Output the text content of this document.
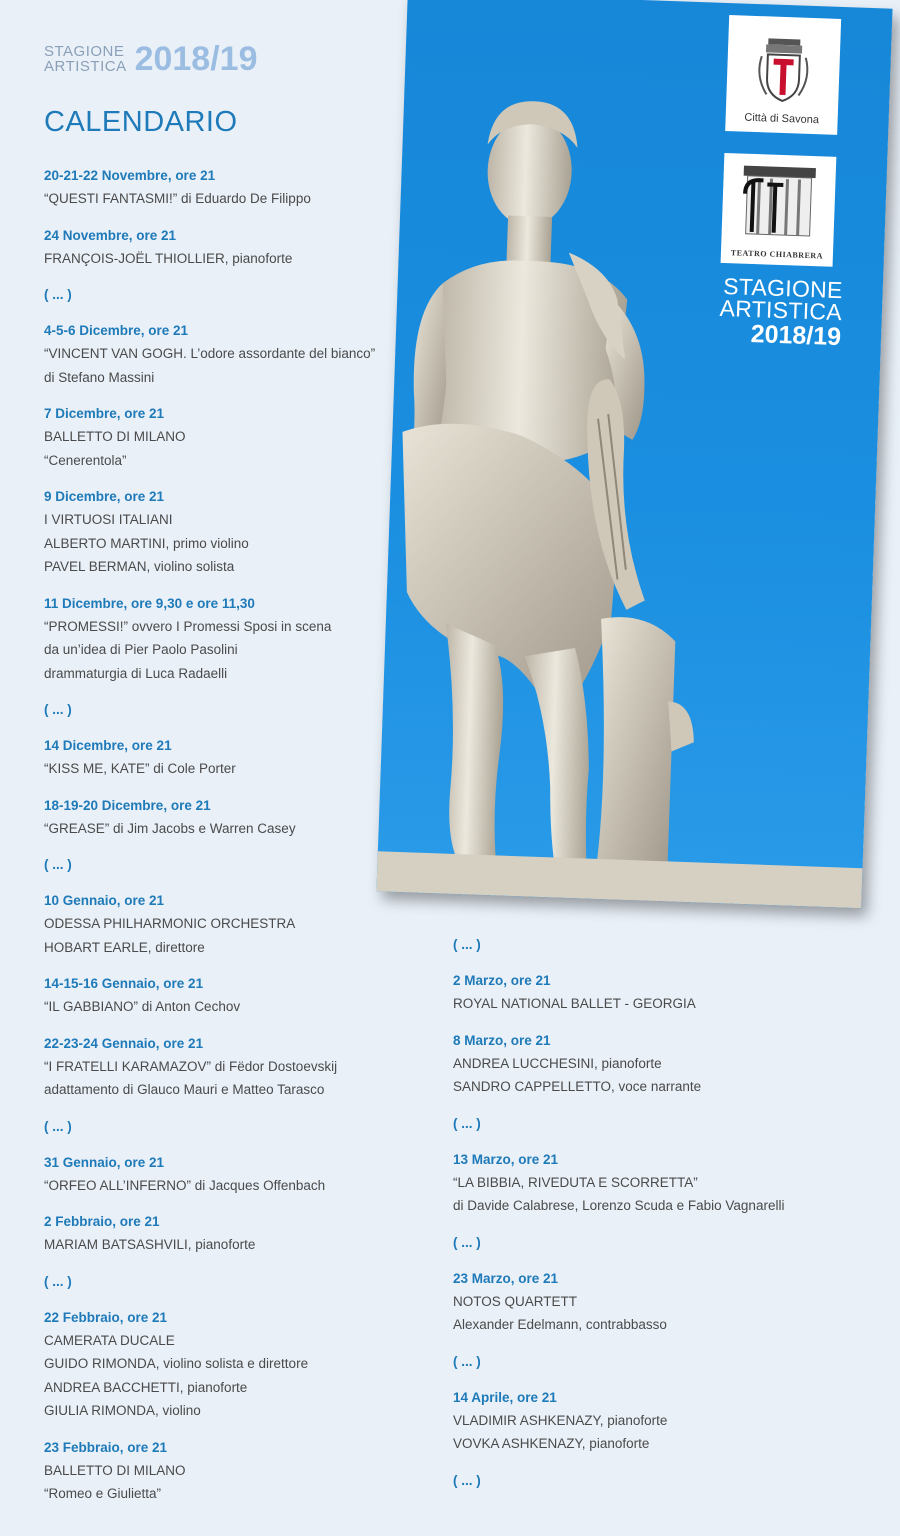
STAGIONE
ARTISTICA 2018/19
CALENDARIO	Città di Savona
TEATRO CHIABRERA
STAGIONE
ARTISTICA
2018/19
20-21-22 Novembre, ore 21
“QUESTI FANTASMI!” di Eduardo De Filippo
24 Novembre, ore 21
FRANÇOIS-JOËL THIOLLIER, pianoforte
( ... )
4-5-6 Dicembre, ore 21
“VINCENT VAN GOGH. L’odore assordante del bianco”
di Stefano Massini
7 Dicembre, ore 21
BALLETTO DI MILANO
“Cenerentola”
9 Dicembre, ore 21
I VIRTUOSI ITALIANI
ALBERTO MARTINI, primo violino
PAVEL BERMAN, violino solista
11 Dicembre, ore 9,30 e ore 11,30
“PROMESSI!” ovvero I Promessi Sposi in scena
da un’idea di Pier Paolo Pasolini
drammaturgia di Luca Radaelli
( ... )
14 Dicembre, ore 21
“KISS ME, KATE” di Cole Porter
18-19-20 Dicembre, ore 21
“GREASE” di Jim Jacobs e Warren Casey
( ... )
10 Gennaio, ore 21
ODESSA PHILHARMONIC ORCHESTRA
HOBART EARLE, direttore
14-15-16 Gennaio, ore 21
“IL GABBIANO” di Anton Cechov
22-23-24 Gennaio, ore 21
“I FRATELLI KARAMAZOV” di Fëdor Dostoevskij
adattamento di Glauco Mauri e Matteo Tarasco
( ... )
31 Gennaio, ore 21
“ORFEO ALL’INFERNO” di Jacques Offenbach
2 Febbraio, ore 21
MARIAM BATSASHVILI, pianoforte
( ... )
22 Febbraio, ore 21
CAMERATA DUCALE
GUIDO RIMONDA, violino solista e direttore
ANDREA BACCHETTI, pianoforte
GIULIA RIMONDA, violino
23 Febbraio, ore 21
BALLETTO DI MILANO
“Romeo e Giulietta”
( ... )
2 Marzo, ore 21
ROYAL NATIONAL BALLET - GEORGIA
8 Marzo, ore 21
ANDREA LUCCHESINI, pianoforte
SANDRO CAPPELLETTO, voce narrante
( ... )
13 Marzo, ore 21
“LA BIBBIA, RIVEDUTA E SCORRETTA”
di Davide Calabrese, Lorenzo Scuda e Fabio Vagnarelli
( ... )
23 Marzo, ore 21
NOTOS QUARTETT
Alexander Edelmann, contrabbasso
( ... )
14 Aprile, ore 21
VLADIMIR ASHKENAZY, pianoforte
VOVKA ASHKENAZY, pianoforte
( ... )
